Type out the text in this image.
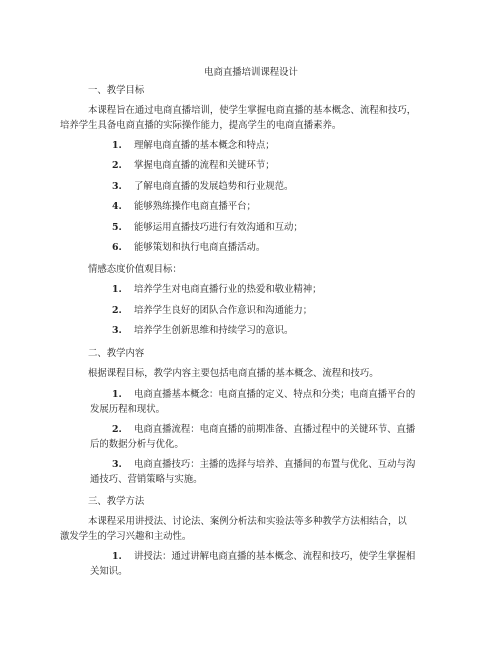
电商直播培训课程设计
一、教学目标
本课程旨在通过电商直播培训，使学生掌握电商直播的基本概念、流程和技巧，
培养学生具备电商直播的实际操作能力，提高学生的电商直播素养。
1. 理解电商直播的基本概念和特点；
2. 掌握电商直播的流程和关键环节；
3. 了解电商直播的发展趋势和行业规范。
4. 能够熟练操作电商直播平台；
5. 能够运用直播技巧进行有效沟通和互动；
6. 能够策划和执行电商直播活动。
情感态度价值观目标：
1. 培养学生对电商直播行业的热爱和敬业精神；
2. 培养学生良好的团队合作意识和沟通能力；
3. 培养学生创新思维和持续学习的意识。
二、教学内容
根据课程目标，教学内容主要包括电商直播的基本概念、流程和技巧。
1. 电商直播基本概念：电商直播的定义、特点和分类；电商直播平台的
发展历程和现状。
2. 电商直播流程：电商直播的前期准备、直播过程中的关键环节、直播
后的数据分析与优化。
3. 电商直播技巧：主播的选择与培养、直播间的布置与优化、互动与沟
通技巧、营销策略与实施。
三、教学方法
本课程采用讲授法、讨论法、案例分析法和实验法等多种教学方法相结合，以
激发学生的学习兴趣和主动性。
1. 讲授法：通过讲解电商直播的基本概念、流程和技巧，使学生掌握相
关知识。
